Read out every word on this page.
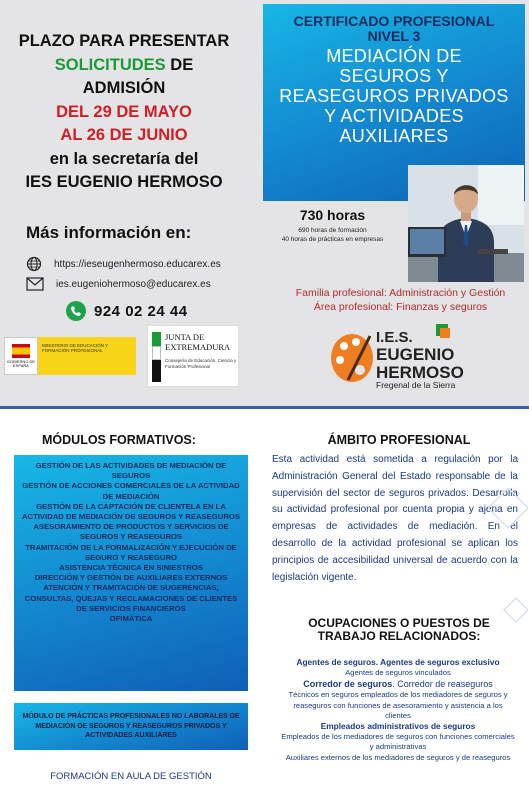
PLAZO PARA PRESENTAR
SOLICITUDES DE
ADMISIÓN
DEL 29 DE MAYO
AL 26 DE JUNIO
en la secretaría del
IES EUGENIO HERMOSO
Más información en:
https://ieseugenhermoso.educarex.es
ies.eugeniohermoso@educarex.es
924 02 24 44
GOBIERNO DE ESPAÑA
MINISTERIO DE EDUCACIÓN Y FORMACIÓN PROFESIONAL
JUNTA DE EXTREMADURA
Consejería de Educación, Ciencia y Formación Profesional
CERTIFICADO PROFESIONAL
NIVEL 3
MEDIACIÓN DE
SEGUROS Y
REASEGUROS PRIVADOS
Y ACTIVIDADES
AUXILIARES
730 horas
690 horas de formación
40 horas de prácticas en empresas
Familia profesional: Administración y Gestión
Área profesional: Finanzas y seguros
I.E.S.
EUGENIO
HERMOSO
Fregenal de la Sierra
MÓDULOS FORMATIVOS:
GESTIÓN DE LAS ACTIVIDADES DE MEDIACIÓN DE SEGUROS
GESTIÓN DE ACCIONES COMERCIALES DE LA ACTIVIDAD DE MEDIACIÓN
GESTIÓN DE LA CAPTACIÓN DE CLIENTELA EN LA ACTIVIDAD DE MEDIACIÓN DE SEGUROS Y REASEGUROS
ASESORAMIENTO DE PRODUCTOS Y SERVICIOS DE SEGUROS Y REASEGUROS
TRAMITACIÓN DE LA FORMALIZACIÓN Y EJECUCIÓN DE SEGURO Y REASEGURO
ASISTENCIA TÉCNICA EN SINIESTROS
DIRECCIÓN Y GESTIÓN DE AUXILIARES EXTERNOS
ATENCIÓN Y TRAMITACIÓN DE SUGERENCIAS, CONSULTAS, QUEJAS Y RECLAMACIONES DE CLIENTES DE SERVICIOS FINANCIEROS
OFIMÁTICA
MÓDULO DE PRÁCTICAS PROFESIONALES NO LABORALES DE MEDIACIÓN DE SEGUROS Y REASEGUROS PRIVADOS Y ACTIVIDADES AUXILIARES
FORMACIÓN EN AULA DE GESTIÓN
ÁMBITO PROFESIONAL
Esta actividad está sometida a regulación por la Administración General del Estado responsable de la supervisión del sector de seguros privados. Desarrolla su actividad profesional por cuenta propia y ajena en empresas de actividades de mediación. En el desarrollo de la actividad profesional se aplican los principios de accesibilidad universal de acuerdo con la legislación vigente.
OCUPACIONES O PUESTOS DE
TRABAJO RELACIONADOS:
Agentes de seguros. Agentes de seguros exclusivo
Agentes de seguros vinculados
Corredor de seguros. Corredor de reaseguros
Técnicos en seguros empleados de los mediadores de seguros y reaseguros con funciones de asesoramiento y asistencia a los clientes
Empleados administrativos de seguros
Empleados de los mediadores de seguros con funciones comerciales y administrativas
Auxiliares externos de los mediadores de seguros y de reaseguros
